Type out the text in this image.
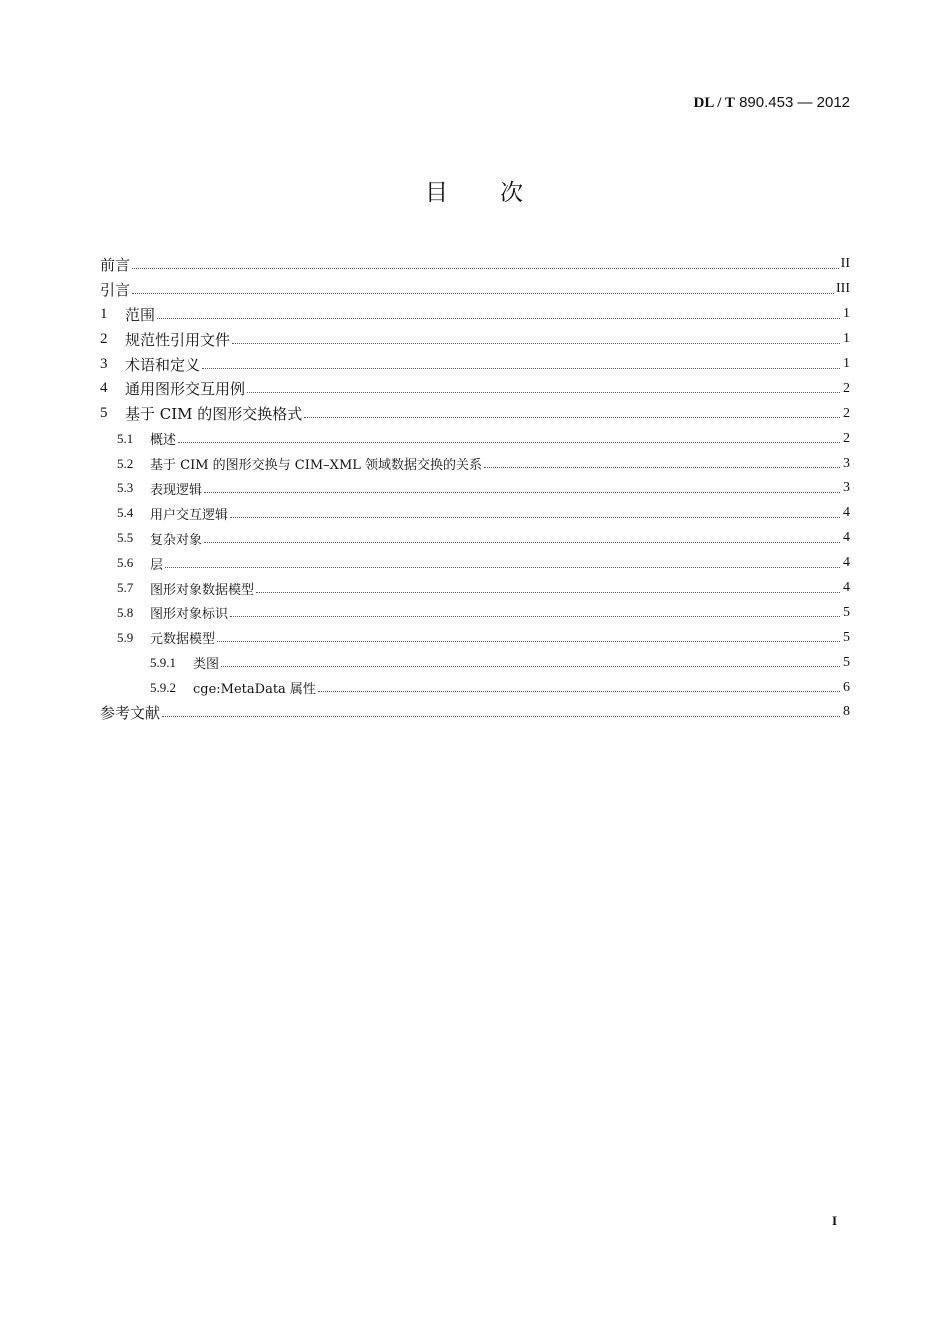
DL / T 890.453 — 2012
目 次
前言	II
引言	III
1	范围	1
2	规范性引用文件	1
3	术语和定义	1
4	通用图形交互用例	2
5	基于 CIM 的图形交换格式	2
5.1	概述	2
5.2	基于 CIM 的图形交换与 CIM–XML 领域数据交换的关系	3
5.3	表现逻辑	3
5.4	用户交互逻辑	4
5.5	复杂对象	4
5.6	层	4
5.7	图形对象数据模型	4
5.8	图形对象标识	5
5.9	元数据模型	5
5.9.1	类图	5
5.9.2	cge:MetaData 属性	6
参考文献	8
I
